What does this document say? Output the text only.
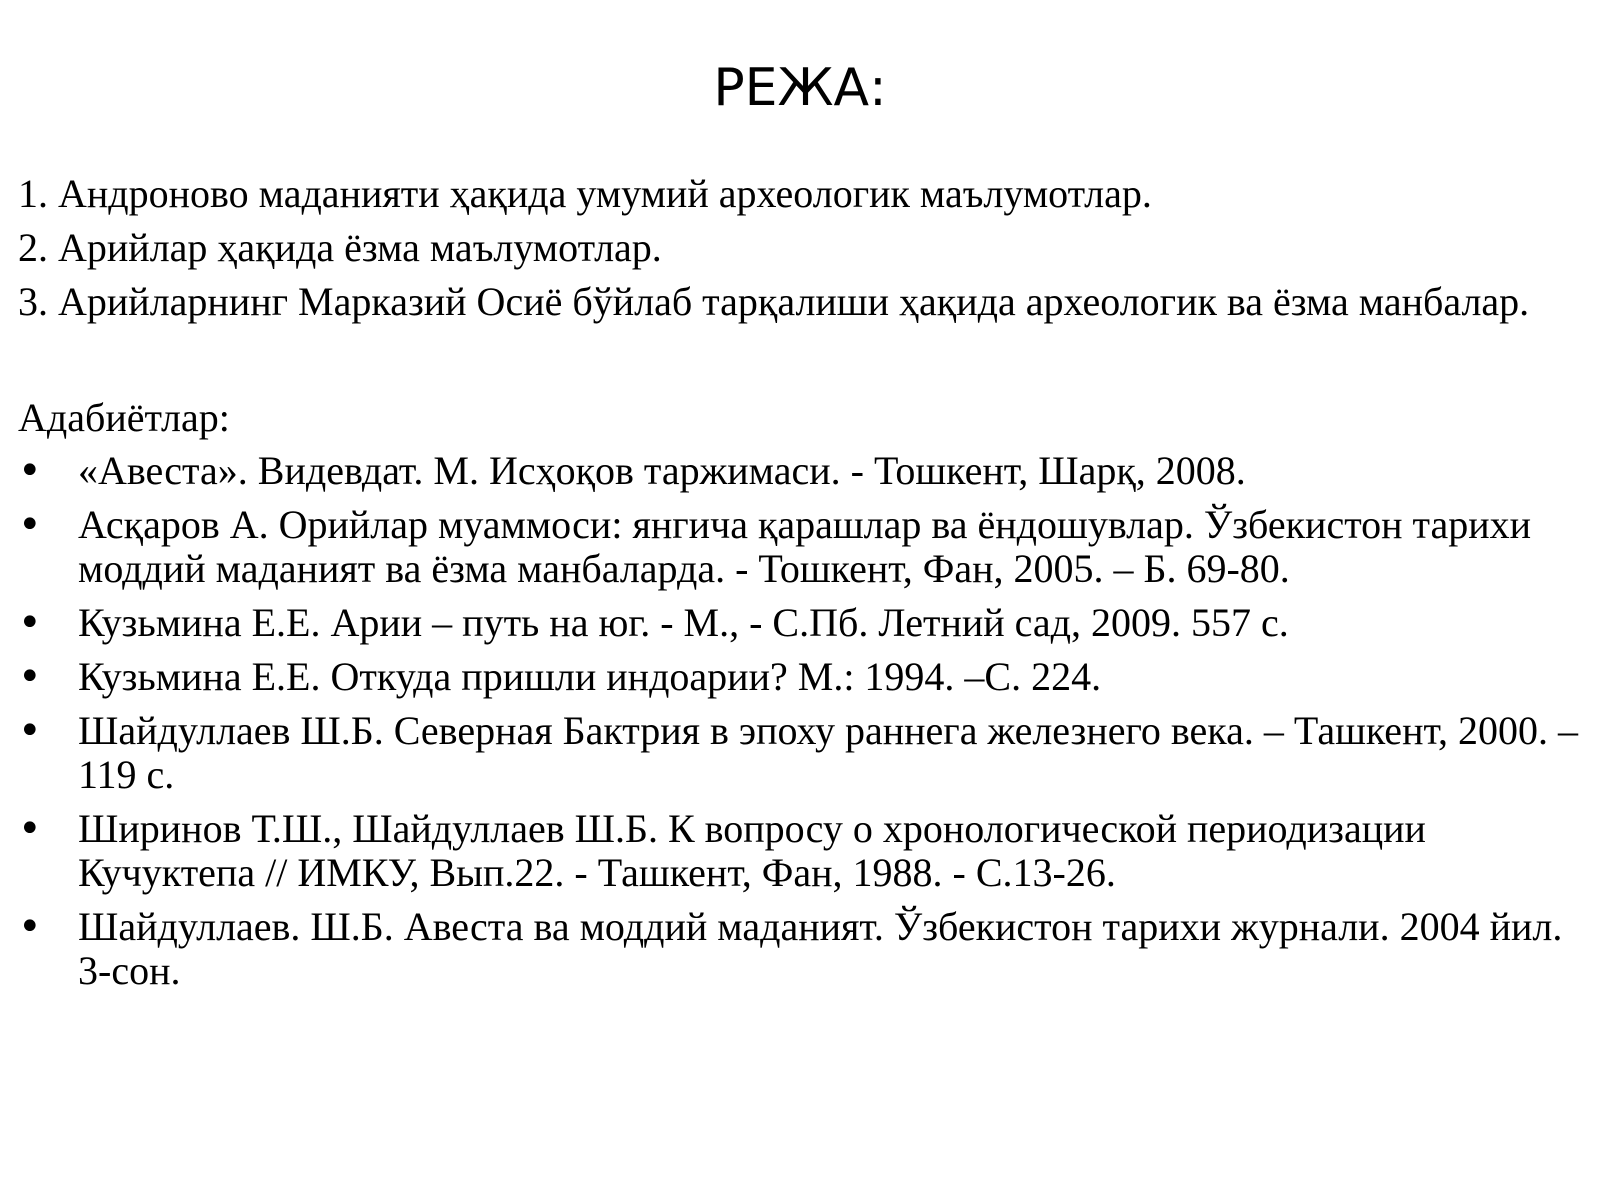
РЕЖА:
1. Андроново маданияти ҳақида умумий археологик маълумотлар.
2. Арийлар ҳақида ёзма маълумотлар.
3. Арийларнинг Марказий Осиё бўйлаб тарқалиши ҳақида археологик ва ёзма манбалар.
Адабиётлар:
• «Авеста». Видевдат. М. Исҳоқов таржимаси. - Тошкент, Шарқ, 2008.
• Асқаров А. Орийлар муаммоси: янгича қарашлар ва ёндошувлар. Ўзбекистон тарихи моддий маданият ва ёзма манбаларда. - Тошкент, Фан, 2005. – Б. 69-80.
• Кузьмина Е.Е. Арии – путь на юг. - М., - С.Пб. Летний сад, 2009. 557 с.
• Кузьмина Е.Е. Откуда пришли индоарии? М.: 1994. –С. 224.
• Шайдуллаев Ш.Б. Северная Бактрия в эпоху раннега железнего века. – Ташкент, 2000. – 119 с.
• Ширинов Т.Ш., Шайдуллаев Ш.Б. К вопросу о хронологической периодизации Кучуктепа // ИМКУ, Вып.22. - Ташкент, Фан, 1988. - С.13-26.
• Шайдуллаев. Ш.Б. Авеста ва моддий маданият. Ўзбекистон тарихи журнали. 2004 йил. 3-сон.
